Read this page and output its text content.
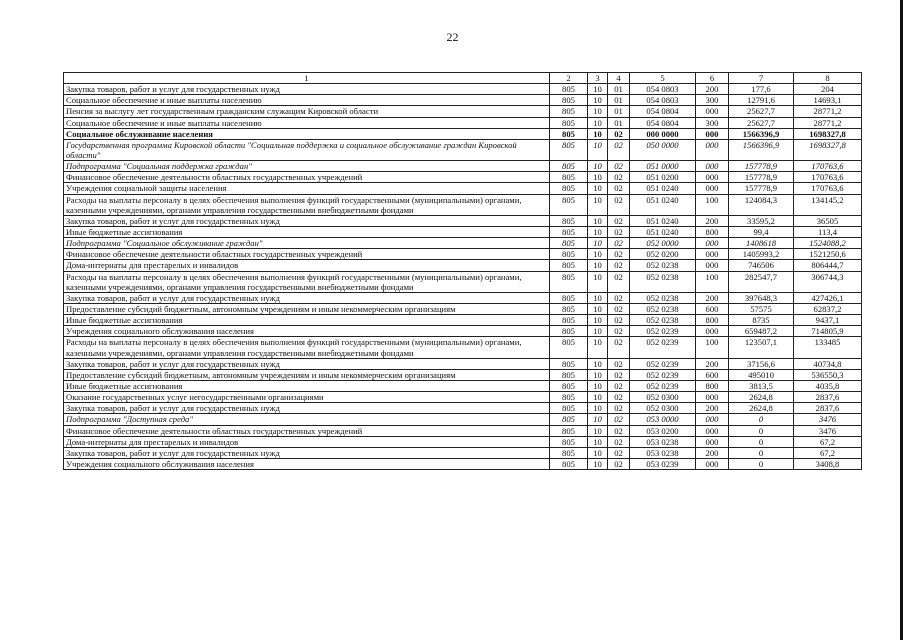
22
1	2	3	4	5	6	7	8
Закупка товаров, работ и услуг для государственных нужд	805	10	01	054 0803	200	177,6	204
Социальное обеспечение и иные выплаты населению	805	10	01	054 0803	300	12791,6	14693,1
Пенсия за выслугу лет государственным гражданским служащим Кировской области	805	10	01	054 0804	000	25627,7	28771,2
Социальное обеспечение и иные выплаты населению	805	10	01	054 0804	300	25627,7	28771,2
Социальное обслуживание населения	805	10	02	000 0000	000	1566396,9	1698327,8
Государственная программа Кировской области "Социальная поддержка и социальное обслуживание граждан Кировской области"	805	10	02	050 0000	000	1566396,9	1698327,8
Подпрограмма "Социальная поддержка граждан"	805	10	02	051 0000	000	157778,9	170763,6
Финансовое обеспечение деятельности областных государственных учреждений	805	10	02	051 0200	000	157778,9	170763,6
Учреждения социальной защиты населения	805	10	02	051 0240	000	157778,9	170763,6
Расходы на выплаты персоналу в целях обеспечения выполнения функций государственными (муниципальными) органами, казенными учреждениями, органами управления государственными внебюджетными фондами	805	10	02	051 0240	100	124084,3	134145,2
Закупка товаров, работ и услуг для государственных нужд	805	10	02	051 0240	200	33595,2	36505
Иные бюджетные ассигнования	805	10	02	051 0240	800	99,4	113,4
Подпрограмма "Социальное обслуживание граждан"	805	10	02	052 0000	000	1408618	1524088,2
Финансовое обеспечение деятельности областных государственных учреждений	805	10	02	052 0200	000	1405993,2	1521250,6
Дома-интернаты для престарелых и инвалидов	805	10	02	052 0238	000	746506	806444,7
Расходы на выплаты персоналу в целях обеспечения выполнения функций государственными (муниципальными) органами, казенными учреждениями, органами управления государственными внебюджетными фондами	805	10	02	052 0238	100	282547,7	306744,3
Закупка товаров, работ и услуг для государственных нужд	805	10	02	052 0238	200	397648,3	427426,1
Предоставление субсидий бюджетным, автономным учреждениям и иным некоммерческим организациям	805	10	02	052 0238	600	57575	62837,2
Иные бюджетные ассигнования	805	10	02	052 0238	800	8735	9437,1
Учреждения социального обслуживания населения	805	10	02	052 0239	000	659487,2	714805,9
Расходы на выплаты персоналу в целях обеспечения выполнения функций государственными (муниципальными) органами, казенными учреждениями, органами управления государственными внебюджетными фондами	805	10	02	052 0239	100	123507,1	133485
Закупка товаров, работ и услуг для государственных нужд	805	10	02	052 0239	200	37156,6	40734,8
Предоставление субсидий бюджетным, автономным учреждениям и иным некоммерческим организациям	805	10	02	052 0239	600	495010	536550,3
Иные бюджетные ассигнования	805	10	02	052 0239	800	3813,5	4035,8
Оказание государственных услуг негосударственными организациями	805	10	02	052 0300	000	2624,8	2837,6
Закупка товаров, работ и услуг для государственных нужд	805	10	02	052 0300	200	2624,8	2837,6
Подпрограмма "Доступная среда"	805	10	02	053 0000	000	0	3476
Финансовое обеспечение деятельности областных государственных учреждений	805	10	02	053 0200	000	0	3476
Дома-интернаты для престарелых и инвалидов	805	10	02	053 0238	000	0	67,2
Закупка товаров, работ и услуг для государственных нужд	805	10	02	053 0238	200	0	67,2
Учреждения социального обслуживания населения	805	10	02	053 0239	000	0	3408,8
